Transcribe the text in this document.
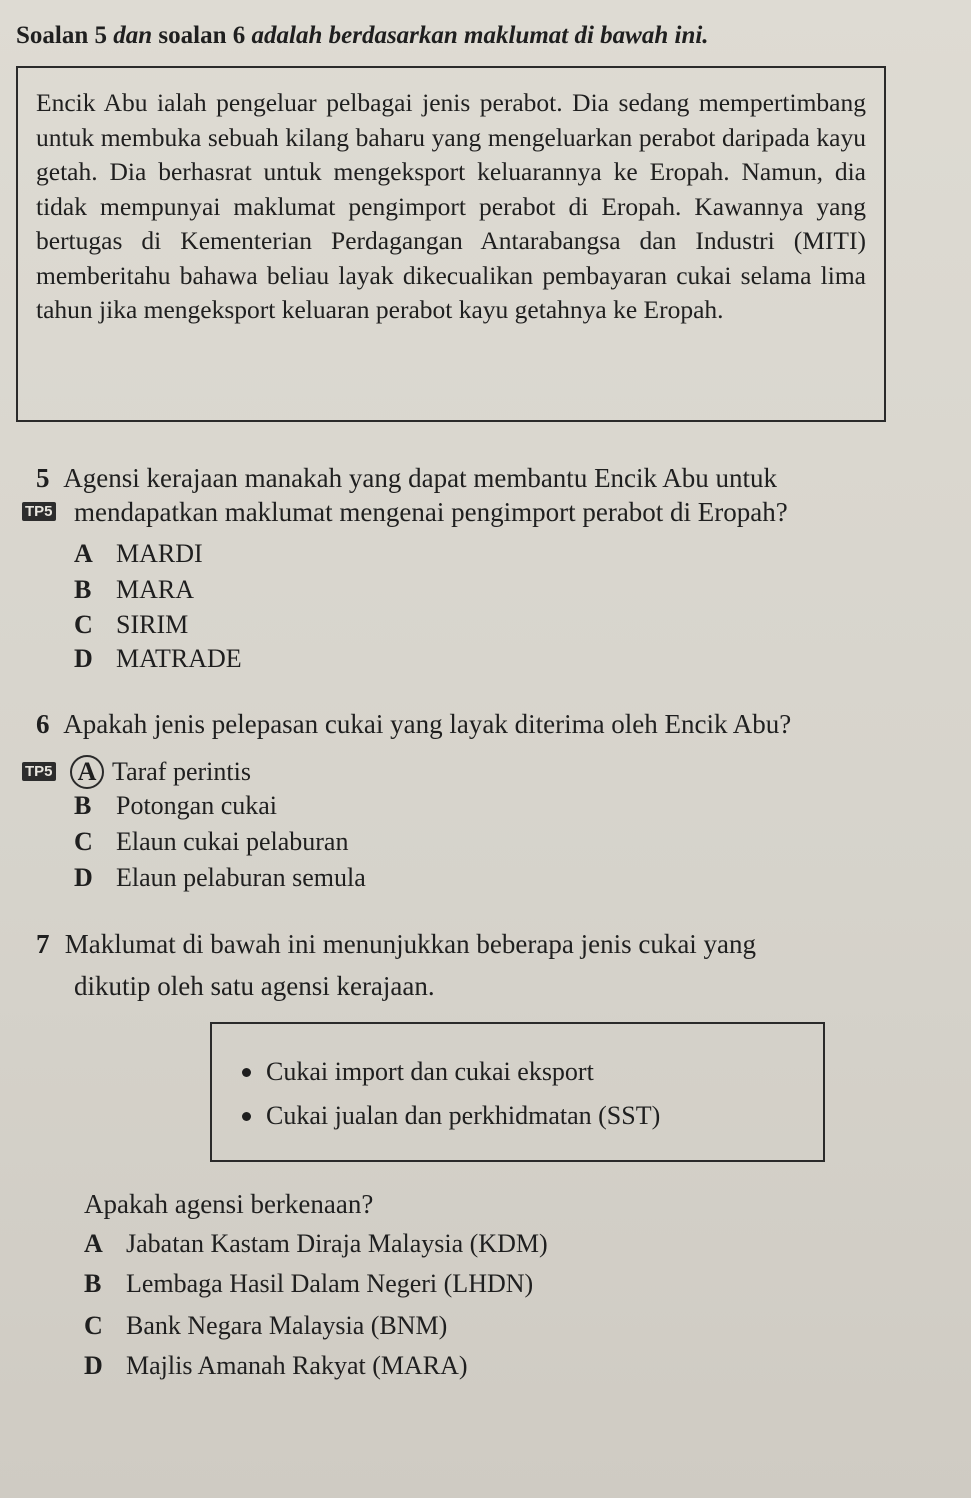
Soalan 5 dan soalan 6 adalah berdasarkan maklumat di bawah ini.
Encik Abu ialah pengeluar pelbagai jenis perabot. Dia sedang mempertimbang untuk membuka sebuah kilang baharu yang mengeluarkan perabot daripada kayu getah. Dia berhasrat untuk mengeksport keluarannya ke Eropah. Namun, dia tidak mempunyai maklumat pengimport perabot di Eropah. Kawannya yang bertugas di Kementerian Perdagangan Antarabangsa dan Industri (MITI) memberitahu bahawa beliau layak dikecualikan pembayaran cukai selama lima tahun jika mengeksport keluaran perabot kayu getahnya ke Eropah.
5 Agensi kerajaan manakah yang dapat membantu Encik Abu untuk
TP5 mendapatkan maklumat mengenai pengimport perabot di Eropah?
A MARDI
B MARA
C SIRIM
D MATRADE
6 Apakah jenis pelepasan cukai yang layak diterima oleh Encik Abu?
TP5 A Taraf perintis
B Potongan cukai
C Elaun cukai pelaburan
D Elaun pelaburan semula
7 Maklumat di bawah ini menunjukkan beberapa jenis cukai yang
dikutip oleh satu agensi kerajaan.
Cukai import dan cukai eksport
Cukai jualan dan perkhidmatan (SST)
Apakah agensi berkenaan?
A Jabatan Kastam Diraja Malaysia (KDM)
B Lembaga Hasil Dalam Negeri (LHDN)
C Bank Negara Malaysia (BNM)
D Majlis Amanah Rakyat (MARA)
